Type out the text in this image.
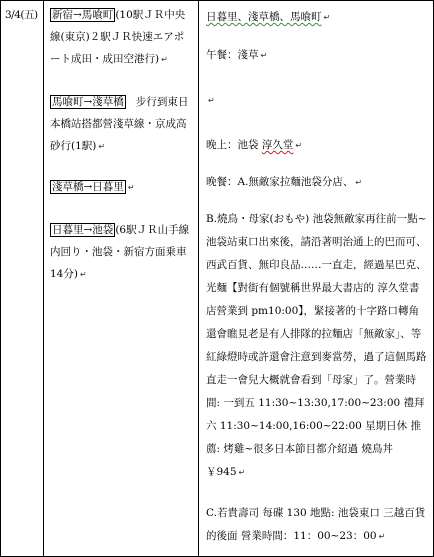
3/4(五)	新宿→馬喰町 (10駅ＪＲ中央線(東京)２駅ＪＲ快速エアポート成田・成田空港行) ↵

馬喰町→淺草橋 步行到東日本橋站搭都營淺草線・京成高砂行(1駅) ↵

淺草橋→日暮里 ↵

日暮里→池袋 (6駅ＪＲ山手線内回り・池袋・新宿方面乗車14分) ↵

日暮里、淺草橋、馬喰町 ↵

午餐：淺草 ↵

↵

晚上：池袋 淳久堂 ↵

晚餐：A.無敵家拉麵池袋分店、 ↵

B.燒鳥・母家(おもや) 池袋無敵家再往前一點~池袋站東口出來後，請沿著明治通上的巴而可、西武百貨、無印良品……一直走，經過星巴克、光麵【對街有個號稱世界最大書店的 淳久堂書店營業到 pm10:00】，緊接著的十字路口轉角還會瞧見老是有人排隊的拉麵店「無敵家」、等紅綠燈時或許還會注意到麥當勞，過了這個馬路直走一會兒大概就會看到「母家」了。營業時間: 一到五 11:30~13:30,17:00~23:00 禮拜六 11:30~14:00,16:00~22:00 星期日休 推薦: 烤雞~很多日本節目都介紹過 燒鳥丼￥945 ↵

C.若貴壽司 每碟 130 地點: 池袋東口 三越百貨的後面 營業時間：11：00~23：00 ↵
